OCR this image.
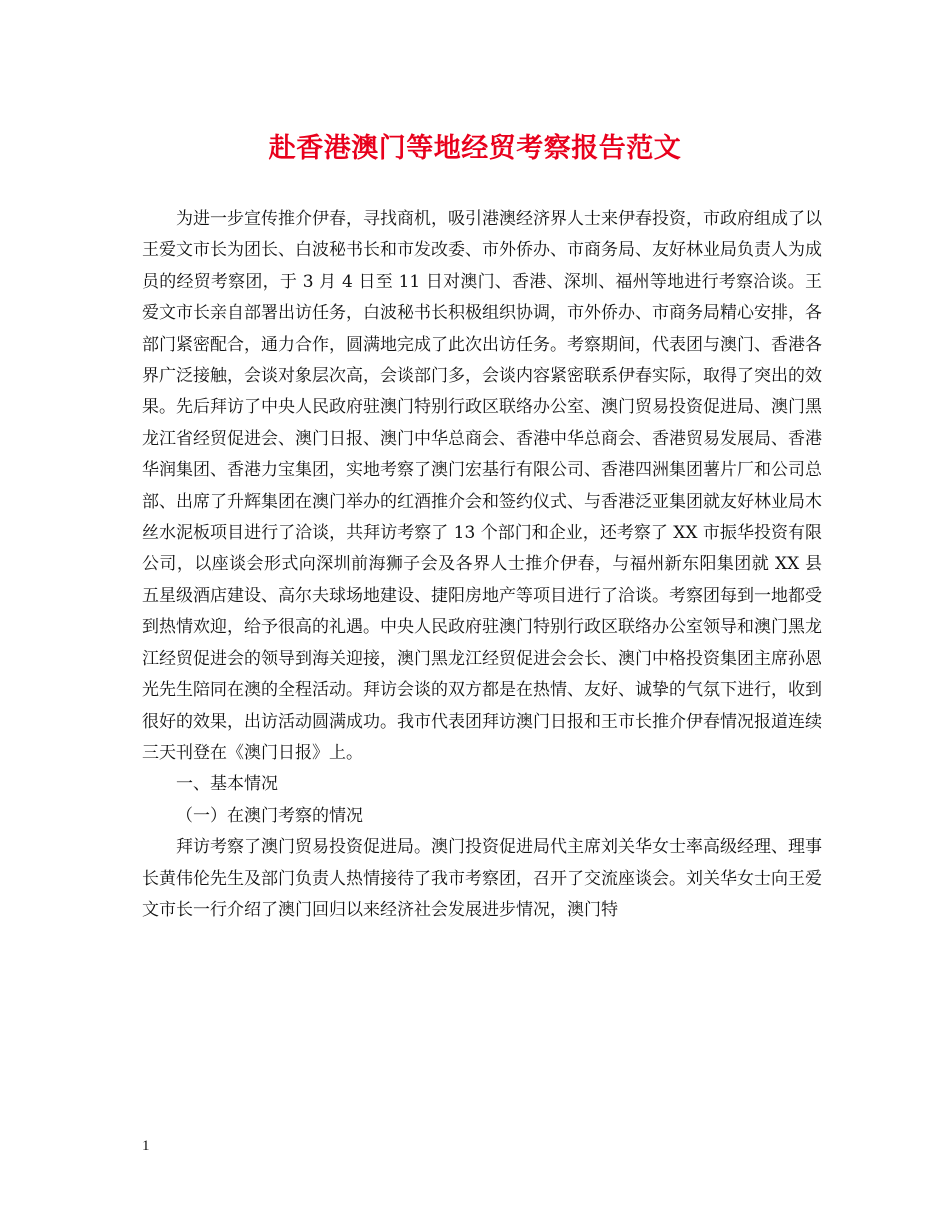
赴香港澳门等地经贸考察报告范文

为进一步宣传推介伊春，寻找商机，吸引港澳经济界人士来伊春投资，市政府组成了以王爱文市长为团长、白波秘书长和市发改委、市外侨办、市商务局、友好林业局负责人为成员的经贸考察团，于 3 月 4 日至 11 日对澳门、香港、深圳、福州等地进行考察洽谈。王爱文市长亲自部署出访任务，白波秘书长积极组织协调，市外侨办、市商务局精心安排，各部门紧密配合，通力合作，圆满地完成了此次出访任务。考察期间，代表团与澳门、香港各界广泛接触，会谈对象层次高，会谈部门多，会谈内容紧密联系伊春实际，取得了突出的效果。先后拜访了中央人民政府驻澳门特别行政区联络办公室、澳门贸易投资促进局、澳门黑龙江省经贸促进会、澳门日报、澳门中华总商会、香港中华总商会、香港贸易发展局、香港华润集团、香港力宝集团，实地考察了澳门宏基行有限公司、香港四洲集团薯片厂和公司总部、出席了升辉集团在澳门举办的红酒推介会和签约仪式、与香港泛亚集团就友好林业局木丝水泥板项目进行了洽谈，共拜访考察了 13 个部门和企业，还考察了 XX 市振华投资有限公司，以座谈会形式向深圳前海狮子会及各界人士推介伊春，与福州新东阳集团就 XX 县五星级酒店建设、高尔夫球场地建设、捷阳房地产等项目进行了洽谈。考察团每到一地都受到热情欢迎，给予很高的礼遇。中央人民政府驻澳门特别行政区联络办公室领导和澳门黑龙江经贸促进会的领导到海关迎接，澳门黑龙江经贸促进会会长、澳门中格投资集团主席孙恩光先生陪同在澳的全程活动。拜访会谈的双方都是在热情、友好、诚挚的气氛下进行，收到很好的效果，出访活动圆满成功。我市代表团拜访澳门日报和王市长推介伊春情况报道连续三天刊登在《澳门日报》上。

一、基本情况

（一）在澳门考察的情况

拜访考察了澳门贸易投资促进局。澳门投资促进局代主席刘关华女士率高级经理、理事长黄伟伦先生及部门负责人热情接待了我市考察团，召开了交流座谈会。刘关华女士向王爱文市长一行介绍了澳门回归以来经济社会发展进步情况，澳门特

1
